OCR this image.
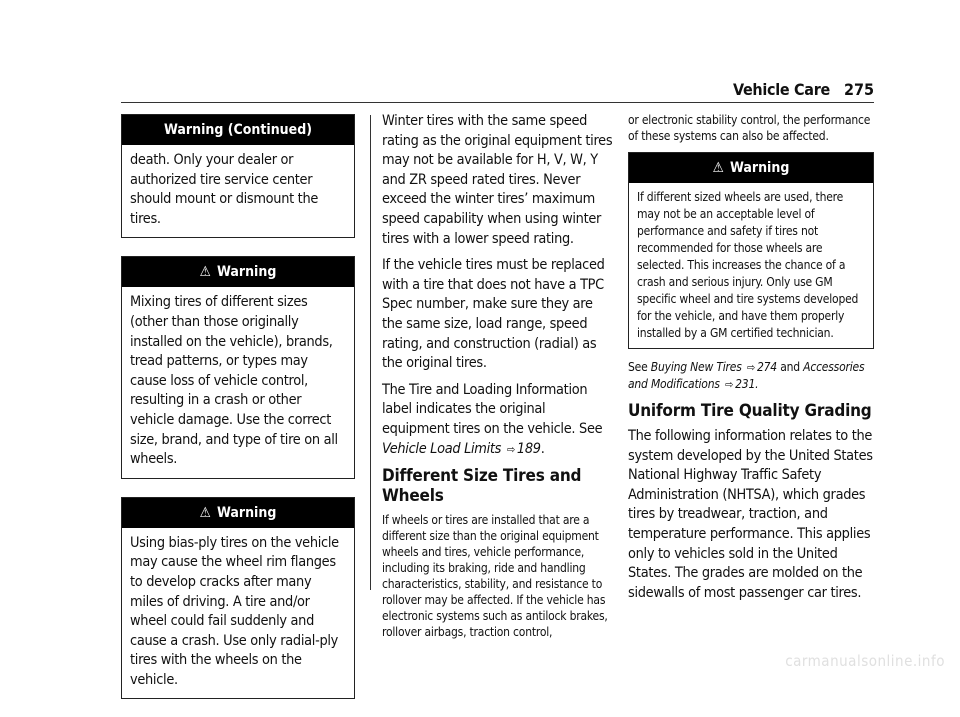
Vehicle Care 275
Warning (Continued)
death. Only your dealer or authorized tire service center should mount or dismount the tires.
⚠ Warning
Mixing tires of different sizes (other than those originally installed on the vehicle), brands, tread patterns, or types may cause loss of vehicle control, resulting in a crash or other vehicle damage. Use the correct size, brand, and type of tire on all wheels.
⚠ Warning
Using bias-ply tires on the vehicle may cause the wheel rim flanges to develop cracks after many miles of driving. A tire and/or wheel could fail suddenly and cause a crash. Use only radial-ply tires with the wheels on the vehicle.

Winter tires with the same speed rating as the original equipment tires may not be available for H, V, W, Y and ZR speed rated tires. Never exceed the winter tires’ maximum speed capability when using winter tires with a lower speed rating.

If the vehicle tires must be replaced with a tire that does not have a TPC Spec number, make sure they are the same size, load range, speed rating, and construction (radial) as the original tires.

The Tire and Loading Information label indicates the original equipment tires on the vehicle. See Vehicle Load Limits ⇨ 189.

Different Size Tires and Wheels

If wheels or tires are installed that are a different size than the original equipment wheels and tires, vehicle performance, including its braking, ride and handling characteristics, stability, and resistance to rollover may be affected. If the vehicle has electronic systems such as antilock brakes, rollover airbags, traction control,

or electronic stability control, the performance of these systems can also be affected.

⚠ Warning
If different sized wheels are used, there may not be an acceptable level of performance and safety if tires not recommended for those wheels are selected. This increases the chance of a crash and serious injury. Only use GM specific wheel and tire systems developed for the vehicle, and have them properly installed by a GM certified technician.

See Buying New Tires ⇨ 274 and Accessories and Modifications ⇨ 231.

Uniform Tire Quality Grading

The following information relates to the system developed by the United States National Highway Traffic Safety Administration (NHTSA), which grades tires by treadwear, traction, and temperature performance. This applies only to vehicles sold in the United States. The grades are molded on the sidewalls of most passenger car tires.

carmanualsonline.info
